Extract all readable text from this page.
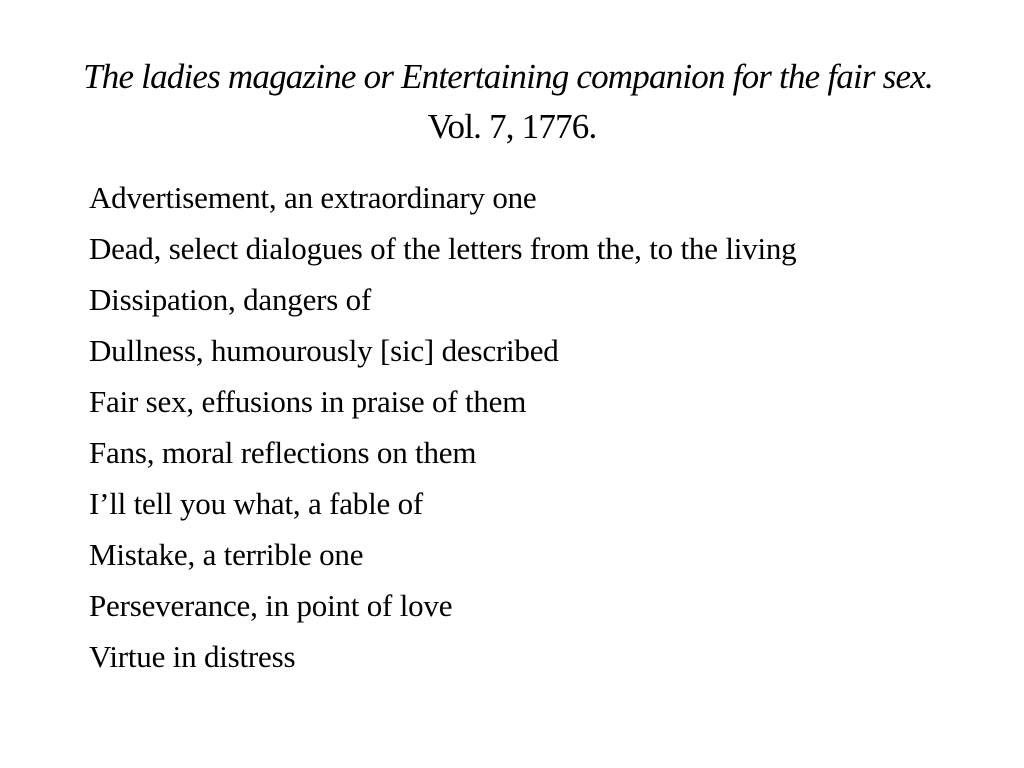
The ladies magazine or Entertaining companion for the fair sex.  Vol. 7, 1776.
Advertisement, an extraordinary one
Dead, select dialogues of the letters from the, to the living
Dissipation, dangers of
Dullness, humourously [sic] described
Fair sex, effusions in praise of them
Fans, moral reflections on them
I’ll tell you what, a fable of
Mistake, a terrible one
Perseverance, in point of love
Virtue in distress
